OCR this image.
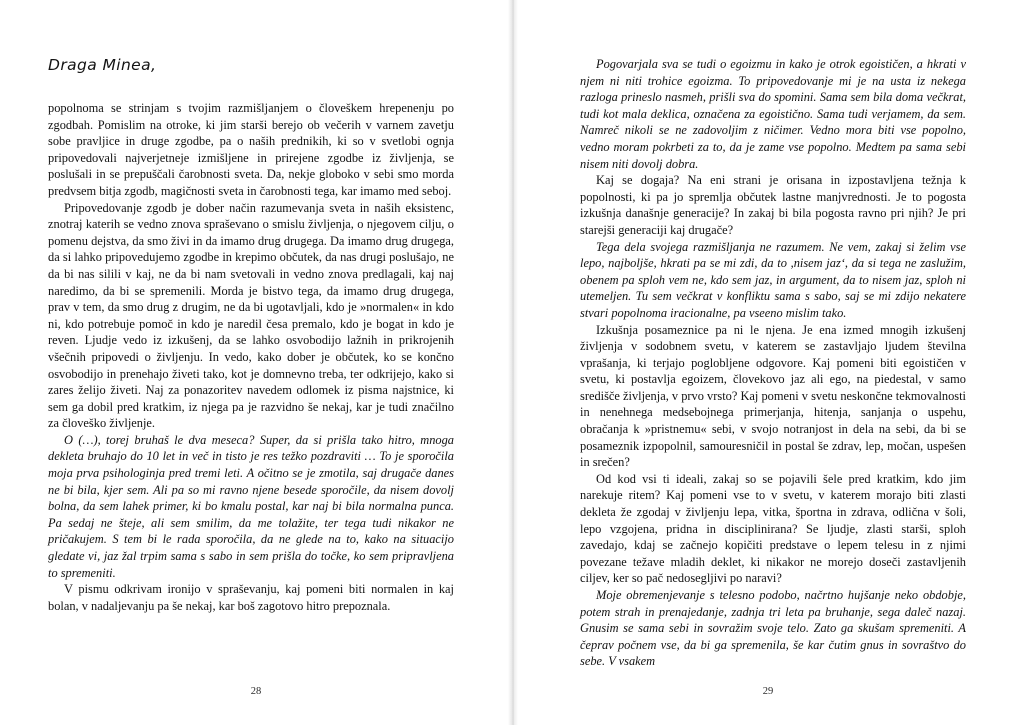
Draga Minea,

popolnoma se strinjam s tvojim razmišljanjem o človeškem hrepenenju po zgodbah. Pomislim na otroke, ki jim starši berejo ob večerih v varnem zavetju sobe pravljice in druge zgodbe, pa o naših prednikih, ki so v svetlobi ognja pripovedovali najverjetneje izmišljene in prirejene zgodbe iz življenja, se poslušali in se prepuščali čarobnosti sveta. Da, nekje globoko v sebi smo morda predvsem bitja zgodb, magičnosti sveta in čarobnosti tega, kar imamo med seboj.

Pripovedovanje zgodb je dober način razumevanja sveta in naših eksistenc, znotraj katerih se vedno znova spraševano o smislu življenja, o njegovem cilju, o pomenu dejstva, da smo živi in da imamo drug drugega. Da imamo drug drugega, da si lahko pripovedujemo zgodbe in krepimo občutek, da nas drugi poslušajo, ne da bi nas silili v kaj, ne da bi nam svetovali in vedno znova predlagali, kaj naj naredimo, da bi se spremenili. Morda je bistvo tega, da imamo drug drugega, prav v tem, da smo drug z drugim, ne da bi ugotavljali, kdo je »normalen« in kdo ni, kdo potrebuje pomoč in kdo je naredil česa premalo, kdo je bogat in kdo je reven. Ljudje vedo iz izkušenj, da se lahko osvobodijo lažnih in prikrojenih všečnih pripovedi o življenju. In vedo, kako dober je občutek, ko se končno osvobodijo in prenehajo živeti tako, kot je domnevno treba, ter odkrijejo, kako si zares želijo živeti. Naj za ponazoritev navedem odlomek iz pisma najstnice, ki sem ga dobil pred kratkim, iz njega pa je razvidno še nekaj, kar je tudi značilno za človeško življenje.

O (…), torej bruhaš le dva meseca? Super, da si prišla tako hitro, mnoga dekleta bruhajo do 10 let in več in tisto je res težko pozdraviti … To je sporočila moja prva psihologinja pred tremi leti. A očitno se je zmotila, saj drugače danes ne bi bila, kjer sem. Ali pa so mi ravno njene besede sporočile, da nisem dovolj bolna, da sem lahek primer, ki bo kmalu postal, kar naj bi bila normalna punca. Pa sedaj ne šteje, ali sem smilim, da me tolažite, ter tega tudi nikakor ne pričakujem. S tem bi le rada sporočila, da ne glede na to, kako na situacijo gledate vi, jaz žal trpim sama s sabo in sem prišla do točke, ko sem pripravljena to spremeniti.

V pismu odkrivam ironijo v spraševanju, kaj pomeni biti normalen in kaj bolan, v nadaljevanju pa še nekaj, kar boš zagotovo hitro prepoznala.

28

Pogovarjala sva se tudi o egoizmu in kako je otrok egoističen, a hkrati v njem ni niti trohice egoizma. To pripovedovanje mi je na usta iz nekega razloga prineslo nasmeh, prišli sva do spomini. Sama sem bila doma večkrat, tudi kot mala deklica, označena za egoistično. Sama tudi verjamem, da sem. Namreč nikoli se ne zadovoljim z ničimer. Vedno mora biti vse popolno, vedno moram pokrbeti za to, da je zame vse popolno. Medtem pa sama sebi nisem niti dovolj dobra.

Kaj se dogaja? Na eni strani je orisana in izpostavljena težnja k popolnosti, ki pa jo spremlja občutek lastne manjvrednosti. Je to pogosta izkušnja današnje generacije? In zakaj bi bila pogosta ravno pri njih? Je pri starejši generaciji kaj drugače?

Tega dela svojega razmišljanja ne razumem. Ne vem, zakaj si želim vse lepo, najboljše, hkrati pa se mi zdi, da to ,nisem jaz‘, da si tega ne zaslužim, obenem pa sploh vem ne, kdo sem jaz, in argument, da to nisem jaz, sploh ni utemeljen. Tu sem večkrat v konfliktu sama s sabo, saj se mi zdijo nekatere stvari popolnoma iracionalne, pa vseeno mislim tako.

Izkušnja posameznice pa ni le njena. Je ena izmed mnogih izkušenj življenja v sodobnem svetu, v katerem se zastavljajo ljudem številna vprašanja, ki terjajo poglobljene odgovore. Kaj pomeni biti egoističen v svetu, ki postavlja egoizem, človekovo jaz ali ego, na piedestal, v samo središče življenja, v prvo vrsto? Kaj pomeni v svetu neskončne tekmovalnosti in nenehnega medsebojnega primerjanja, hitenja, sanjanja o uspehu, obračanja k »pristnemu« sebi, v svojo notranjost in dela na sebi, da bi se posameznik izpopolnil, samouresničil in postal še zdrav, lep, močan, uspešen in srečen?

Od kod vsi ti ideali, zakaj so se pojavili šele pred kratkim, kdo jim narekuje ritem? Kaj pomeni vse to v svetu, v katerem morajo biti zlasti dekleta že zgodaj v življenju lepa, vitka, športna in zdrava, odlična v šoli, lepo vzgojena, pridna in disciplinirana? Se ljudje, zlasti starši, sploh zavedajo, kdaj se začnejo kopičiti predstave o lepem telesu in z njimi povezane težave mladih deklet, ki nikakor ne morejo doseči zastavljenih ciljev, ker so pač nedosegljivi po naravi?

Moje obremenjevanje s telesno podobo, načrtno hujšanje neko obdobje, potem strah in prenajedanje, zadnja tri leta pa bruhanje, sega daleč nazaj. Gnusim se sama sebi in sovražim svoje telo. Zato ga skušam spremeniti. A čeprav počnem vse, da bi ga spremenila, še kar čutim gnus in sovraštvo do sebe. V vsakem

29
